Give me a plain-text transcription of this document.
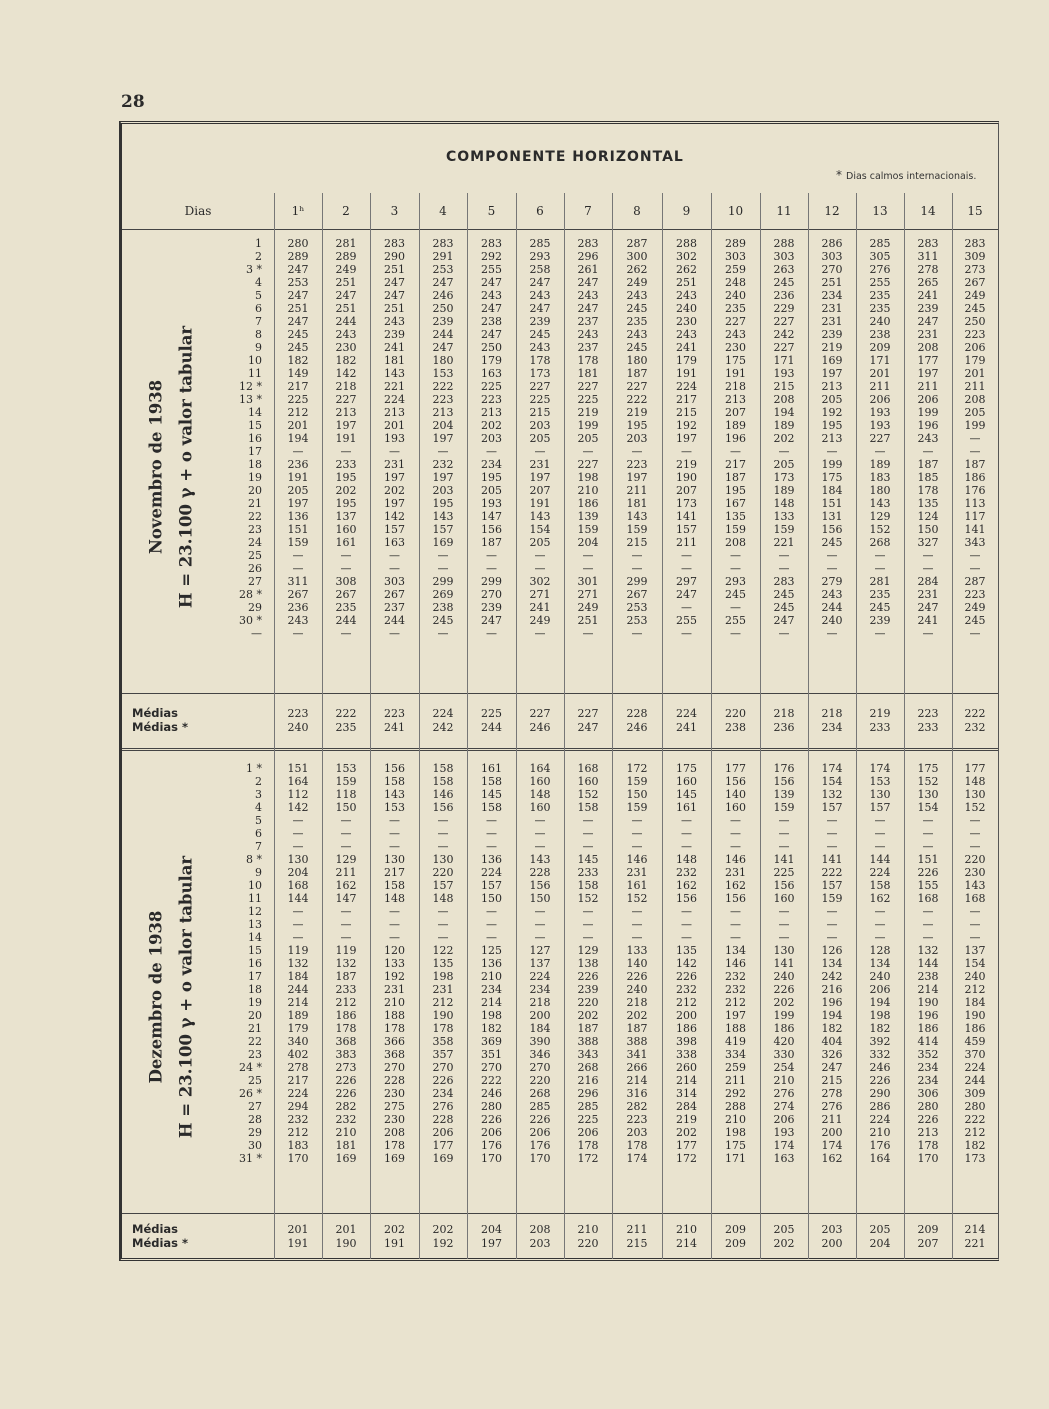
28
COMPONENTE HORIZONTAL
* Dias calmos internacionais.
Dias	1ʰ	2	3	4	5	6	7	8	9	10	11	12	13	14	15
1	280	281	283	283	283	285	283	287	288	289	288	286	285	283	283
2	289	289	290	291	292	293	296	300	302	303	303	303	305	311	309
3 *	247	249	251	253	255	258	261	262	262	259	263	270	276	278	273
4	253	251	247	247	247	247	247	249	251	248	245	251	255	265	267
5	247	247	247	246	243	243	243	243	243	240	236	234	235	241	249
6	251	251	251	250	247	247	247	245	240	235	229	231	235	239	245
7	247	244	243	239	238	239	237	235	230	227	227	231	240	247	250
8	245	243	239	244	247	245	243	243	243	243	242	239	238	231	223
9	245	230	241	247	250	243	237	245	241	230	227	219	209	208	206
10	182	182	181	180	179	178	178	180	179	175	171	169	171	177	179
11	149	142	143	153	163	173	181	187	191	191	193	197	201	197	201
12 *	217	218	221	222	225	227	227	227	224	218	215	213	211	211	211
13 *	225	227	224	223	223	225	225	222	217	213	208	205	206	206	208
14	212	213	213	213	213	215	219	219	215	207	194	192	193	199	205
15	201	197	201	204	202	203	199	195	192	189	189	195	193	196	199
16	194	191	193	197	203	205	205	203	197	196	202	213	227	243	—
17	—	—	—	—	—	—	—	—	—	—	—	—	—	—	—
18	236	233	231	232	234	231	227	223	219	217	205	199	189	187	187
19	191	195	197	197	195	197	198	197	190	187	173	175	183	185	186
20	205	202	202	203	205	207	210	211	207	195	189	184	180	178	176
21	197	195	197	195	193	191	186	181	173	167	148	151	143	135	113
22	136	137	142	143	147	143	139	143	141	135	133	131	129	124	117
23	151	160	157	157	156	154	159	159	157	159	159	156	152	150	141
24	159	161	163	169	187	205	204	215	211	208	221	245	268	327	343
25	—	—	—	—	—	—	—	—	—	—	—	—	—	—	—
26	—	—	—	—	—	—	—	—	—	—	—	—	—	—	—
27	311	308	303	299	299	302	301	299	297	293	283	279	281	284	287
28 *	267	267	267	269	270	271	271	267	247	245	245	243	235	231	223
29	236	235	237	238	239	241	249	253	—	—	245	244	245	247	249
30 *	243	244	244	245	247	249	251	253	255	255	247	240	239	241	245
—	—	—	—	—	—	—	—	—	—	—	—	—	—	—	—
Médias	223	222	223	224	225	227	227	228	224	220	218	218	219	223	222
Médias *	240	235	241	242	244	246	247	246	241	238	236	234	233	233	232
Novembro de 1938 H = 23.100 γ + o valor tabular
1 *	151	153	156	158	161	164	168	172	175	177	176	174	174	175	177
2	164	159	158	158	158	160	160	159	160	156	156	154	153	152	148
3	112	118	143	146	145	148	152	150	145	140	139	132	130	130	130
4	142	150	153	156	158	160	158	159	161	160	159	157	157	154	152
5	—	—	—	—	—	—	—	—	—	—	—	—	—	—	—
6	—	—	—	—	—	—	—	—	—	—	—	—	—	—	—
7	—	—	—	—	—	—	—	—	—	—	—	—	—	—	—
8 *	130	129	130	130	136	143	145	146	148	146	141	141	144	151	220
9	204	211	217	220	224	228	233	231	232	231	225	222	224	226	230
10	168	162	158	157	157	156	158	161	162	162	156	157	158	155	143
11	144	147	148	148	150	150	152	152	156	156	160	159	162	168	168
12	—	—	—	—	—	—	—	—	—	—	—	—	—	—	—
13	—	—	—	—	—	—	—	—	—	—	—	—	—	—	—
14	—	—	—	—	—	—	—	—	—	—	—	—	—	—	—
15	119	119	120	122	125	127	129	133	135	134	130	126	128	132	137
16	132	132	133	135	136	137	138	140	142	146	141	134	134	144	154
17	184	187	192	198	210	224	226	226	226	232	240	242	240	238	240
18	244	233	231	231	234	234	239	240	232	232	226	216	206	214	212
19	214	212	210	212	214	218	220	218	212	212	202	196	194	190	184
20	189	186	188	190	198	200	202	202	200	197	199	194	198	196	190
21	179	178	178	178	182	184	187	187	186	188	186	182	182	186	186
22	340	368	366	358	369	390	388	388	398	419	420	404	392	414	459
23	402	383	368	357	351	346	343	341	338	334	330	326	332	352	370
24 *	278	273	270	270	270	270	268	266	260	259	254	247	246	234	224
25	217	226	228	226	222	220	216	214	214	211	210	215	226	234	244
26 *	224	226	230	234	246	268	296	316	314	292	276	278	290	306	309
27	294	282	275	276	280	285	285	282	284	288	274	276	286	280	280
28	232	232	230	228	226	226	225	223	219	210	206	211	224	226	222
29	212	210	208	206	206	206	206	203	202	198	193	200	210	213	212
30	183	181	178	177	176	176	178	178	177	175	174	174	176	178	182
31 *	170	169	169	169	170	170	172	174	172	171	163	162	164	170	173
Médias	201	201	202	202	204	208	210	211	210	209	205	203	205	209	214
Médias *	191	190	191	192	197	203	220	215	214	209	202	200	204	207	221
Dezembro de 1938 H = 23.100 γ + o valor tabular
